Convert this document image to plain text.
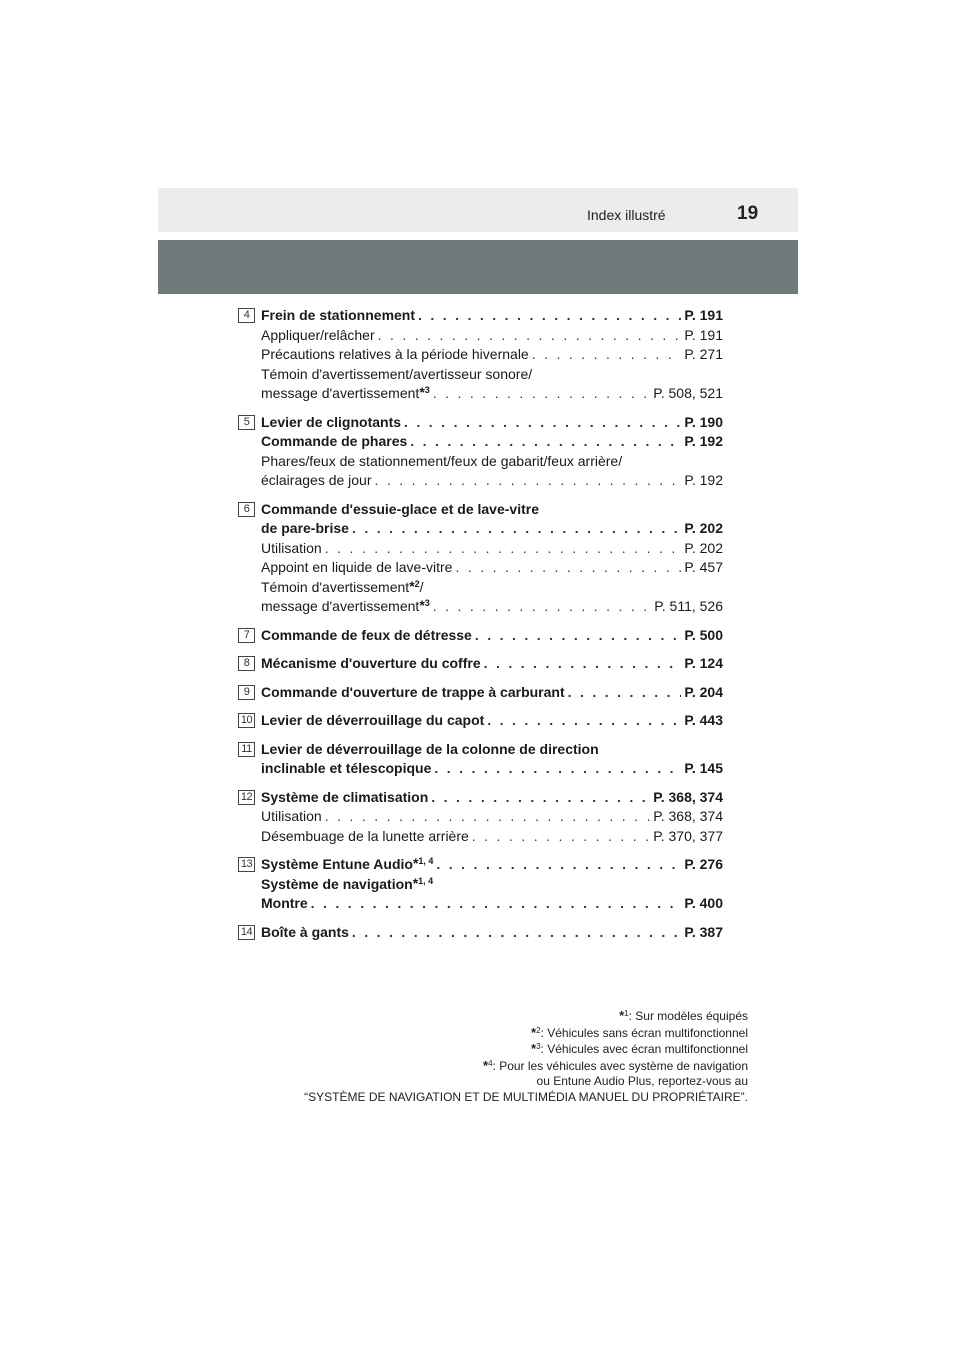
Index illustré	19
4 Frein de stationnement . . .	P. 191
Appliquer/relâcher . . .	P. 191
Précautions relatives à la période hivernale . . .	P. 271
Témoin d'avertissement/avertisseur sonore/
message d'avertissement*$^3$ . . .	P. 508, 521
5 Levier de clignotants . . .	P. 190
Commande de phares . . .	P. 192
Phares/feux de stationnement/feux de gabarit/feux arrière/
éclairages de jour . . .	P. 192
6 Commande d'essuie-glace et de lave-vitre
de pare-brise . . .	P. 202
Utilisation . . .	P. 202
Appoint en liquide de lave-vitre . . .	P. 457
Témoin d'avertissement*$^2$/
message d'avertissement*$^3$ . . .	P. 511, 526
7 Commande de feux de détresse . . .	P. 500
8 Mécanisme d'ouverture du coffre . . .	P. 124
9 Commande d'ouverture de trappe à carburant . . .	P. 204
10 Levier de déverrouillage du capot . . .	P. 443
11 Levier de déverrouillage de la colonne de direction
inclinable et télescopique . . .	P. 145
12 Système de climatisation . . .	P. 368, 374
Utilisation . . .	P. 368, 374
Désembuage de la lunette arrière . . .	P. 370, 377
13 Système Entune Audio*$^{1, 4}$ . . .	P. 276
Système de navigation*$^{1, 4}$
Montre . . .	P. 400
14 Boîte à gants . . .	P. 387
*$^1$: Sur modèles équipés
*$^2$: Véhicules sans écran multifonctionnel
*$^3$: Véhicules avec écran multifonctionnel
*$^4$: Pour les véhicules avec système de navigation
ou Entune Audio Plus, reportez-vous au
“SYSTÈME DE NAVIGATION ET DE MULTIMÉDIA MANUEL DU PROPRIÉTAIRE”.
